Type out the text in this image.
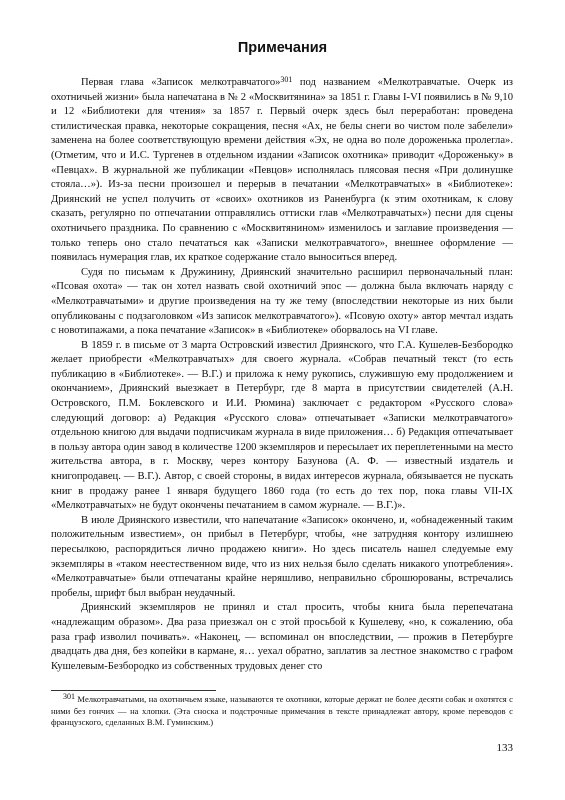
Примечания

Первая глава «Записок мелкотравчатого»$^{301}$ под названием «Мелкотравчатые. Очерк из охотничьей жизни» была напечатана в № 2 «Москвитянина» за 1851 г. Главы I-VI появились в № 9,10 и 12 «Библиотеки для чтения» за 1857 г. Первый очерк здесь был переработан: проведена стилистическая правка, некоторые сокращения, песня «Ах, не белы снеги во чистом поле забелели» заменена на более соответствующую времени действия «Эх, не одна во поле дороженька пролегла». (Отметим, что и И.С. Тургенев в отдельном издании «Записок охотника» приводит «Дороженьку» в «Певцах». В журнальной же публикации «Певцов» исполнялась плясовая песня «При долинушке стояла…»). Из-за песни произошел и перерыв в печатании «Мелкотравчатых» в «Библиотеке»: Дриянский не успел получить от «своих» охотников из Раненбурга (к этим охотникам, к слову сказать, регулярно по отпечатании отправлялись оттиски глав «Мелкотравчатых») песни для сцены охотничьего праздника. По сравнению с «Москвитянином» изменилось и заглавие произведения — только теперь оно стало печататься как «Записки мелкотравчатого», внешнее оформление — появилась нумерация глав, их краткое содержание стало выноситься вперед.

Судя по письмам к Дружинину, Дриянский значительно расширил первоначальный план: «Псовая охота» — так он хотел назвать свой охотничий эпос — должна была включать наряду с «Мелкотравчатыми» и другие произведения на ту же тему (впоследствии некоторые из них были опубликованы с подзаголовком «Из записок мелкотравчатого»). «Псовую охоту» автор мечтал издать с новотипажами, а пока печатание «Записок» в «Библиотеке» оборвалось на VI главе.

В 1859 г. в письме от 3 марта Островский известил Дриянского, что Г.А. Кушелев-Безбородко желает приобрести «Мелкотравчатых» для своего журнала. «Собрав печатный текст (то есть публикацию в «Библиотеке». — В.Г.) и приложа к нему рукопись, служившую ему продолжением и окончанием», Дриянский выезжает в Петербург, где 8 марта в присутствии свидетелей (А.Н. Островского, П.М. Боклевского и И.И. Рюмина) заключает с редактором «Русского слова» следующий договор: а) Редакция «Русского слова» отпечатывает «Записки мелкотравчатого» отдельною книгою для выдачи подписчикам журнала в виде приложения… б) Редакция отпечатывает в пользу автора один завод в количестве 1200 экземпляров и пересылает их переплетенными на место жительства автора, в г. Москву, через контору Базунова (А. Ф. — известный издатель и книгопродавец. — В.Г.). Автор, с своей стороны, в видах интересов журнала, обязывается не пускать книг в продажу ранее 1 января будущего 1860 года (то есть до тех пор, пока главы VII-IX «Мелкотравчатых» не будут окончены печатанием в самом журнале. — В.Г.)».

В июле Дриянского известили, что напечатание «Записок» окончено, и, «обнадеженный таким положительным известием», он прибыл в Петербург, чтобы, «не затрудняя контору излишнею пересылкою, распорядиться лично продажею книги». Но здесь писатель нашел следуемые ему экземпляры в «таком неестественном виде, что из них нельзя было сделать никакого употребления». «Мелкотравчатые» были отпечатаны крайне неряшливо, неправильно сброшюрованы, встречались пробелы, шрифт был выбран неудачный.

Дриянский экземпляров не принял и стал просить, чтобы книга была перепечатана «надлежащим образом». Два раза приезжал он с этой просьбой к Кушелеву, «но, к сожалению, оба раза граф изволил почивать». «Наконец, — вспоминал он впоследствии, — прожив в Петербурге двадцать два дня, без копейки в кармане, я… уехал обратно, заплатив за лестное знакомство с графом Кушелевым-Безбородко из собственных трудовых денег сто

$^{301}$ Мелкотравчатыми, на охотничьем языке, называются те охотники, которые держат не более десяти собак и охотятся с ними без гончих — на хлопки. (Эта сноска и подстрочные примечания в тексте принадлежат автору, кроме переводов с французского, сделанных В.М. Гуминским.)

133
